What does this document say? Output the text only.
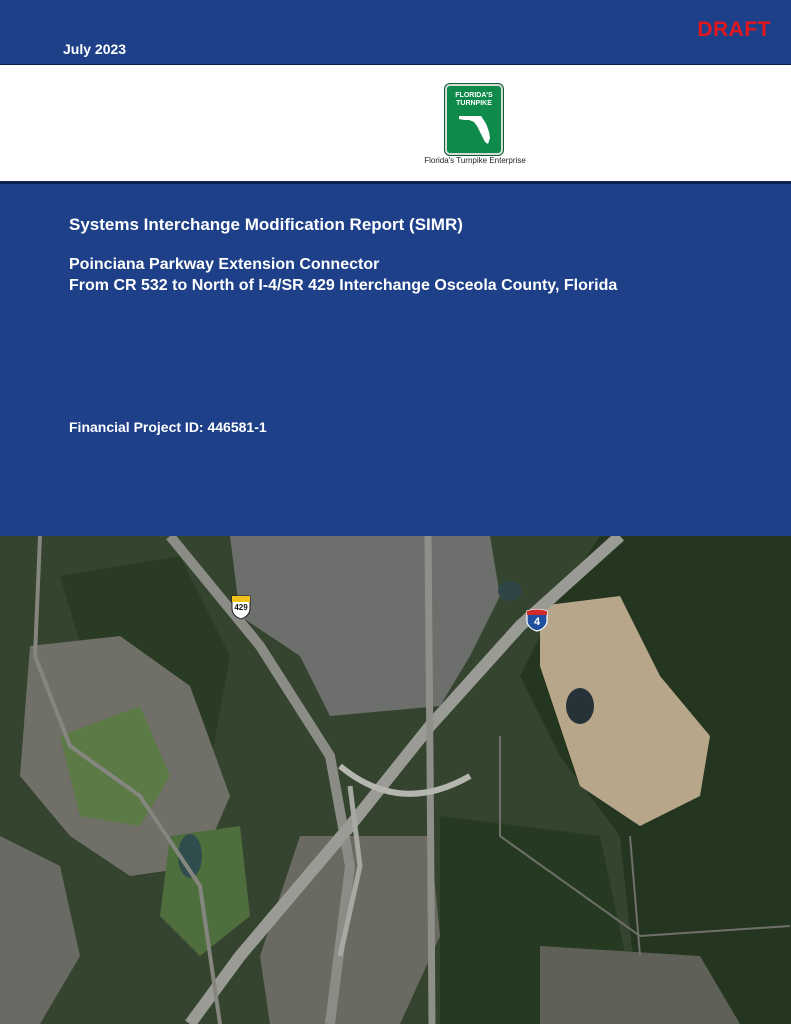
July 2023
DRAFT
FLORIDA'S TURNPIKE
Florida's Turnpike Enterprise
Systems Interchange Modification Report (SIMR)
Poinciana Parkway Extension Connector
From CR 532 to North of I-4/SR 429 Interchange Osceola County, Florida
Financial Project ID: 446581-1
429
4
